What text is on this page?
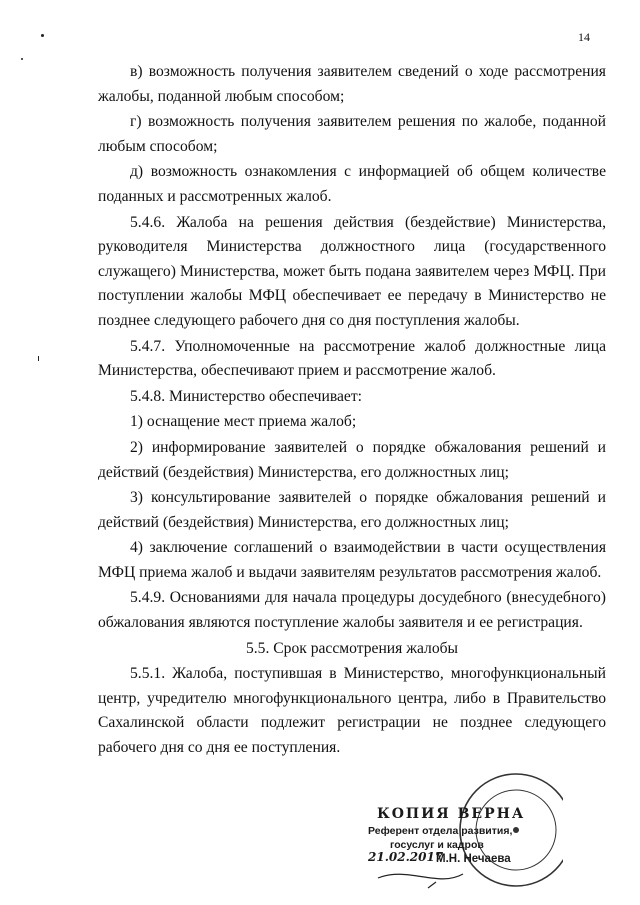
14

в) возможность получения заявителем сведений о ходе рассмотрения жалобы, поданной любым способом;

г) возможность получения заявителем решения по жалобе, поданной любым способом;

д) возможность ознакомления с информацией об общем количестве поданных и рассмотренных жалоб.

5.4.6. Жалоба на решения действия (бездействие) Министерства, руководителя Министерства должностного лица (государственного служащего) Министерства, может быть подана заявителем через МФЦ. При поступлении жалобы МФЦ обеспечивает ее передачу в Министерство не позднее следующего рабочего дня со дня поступления жалобы.

5.4.7. Уполномоченные на рассмотрение жалоб должностные лица Министерства, обеспечивают прием и рассмотрение жалоб.

5.4.8. Министерство обеспечивает:

1) оснащение мест приема жалоб;

2) информирование заявителей о порядке обжалования решений и действий (бездействия) Министерства, его должностных лиц;

3) консультирование заявителей о порядке обжалования решений и действий (бездействия) Министерства, его должностных лиц;

4) заключение соглашений о взаимодействии в части осуществления МФЦ приема жалоб и выдачи заявителям результатов рассмотрения жалоб.

5.4.9. Основаниями для начала процедуры досудебного (внесудебного) обжалования являются поступление жалобы заявителя и ее регистрация.

5.5. Срок рассмотрения жалобы

5.5.1. Жалоба, поступившая в Министерство, многофункциональный центр, учредителю многофункционального центра, либо в Правительство Сахалинской области подлежит регистрации не позднее следующего рабочего дня со дня ее поступления.

КОПИЯ ВЕРНА
Референт отдела развития,
госуслуг и кадров
21.02.2017
М.Н. Нечаева
